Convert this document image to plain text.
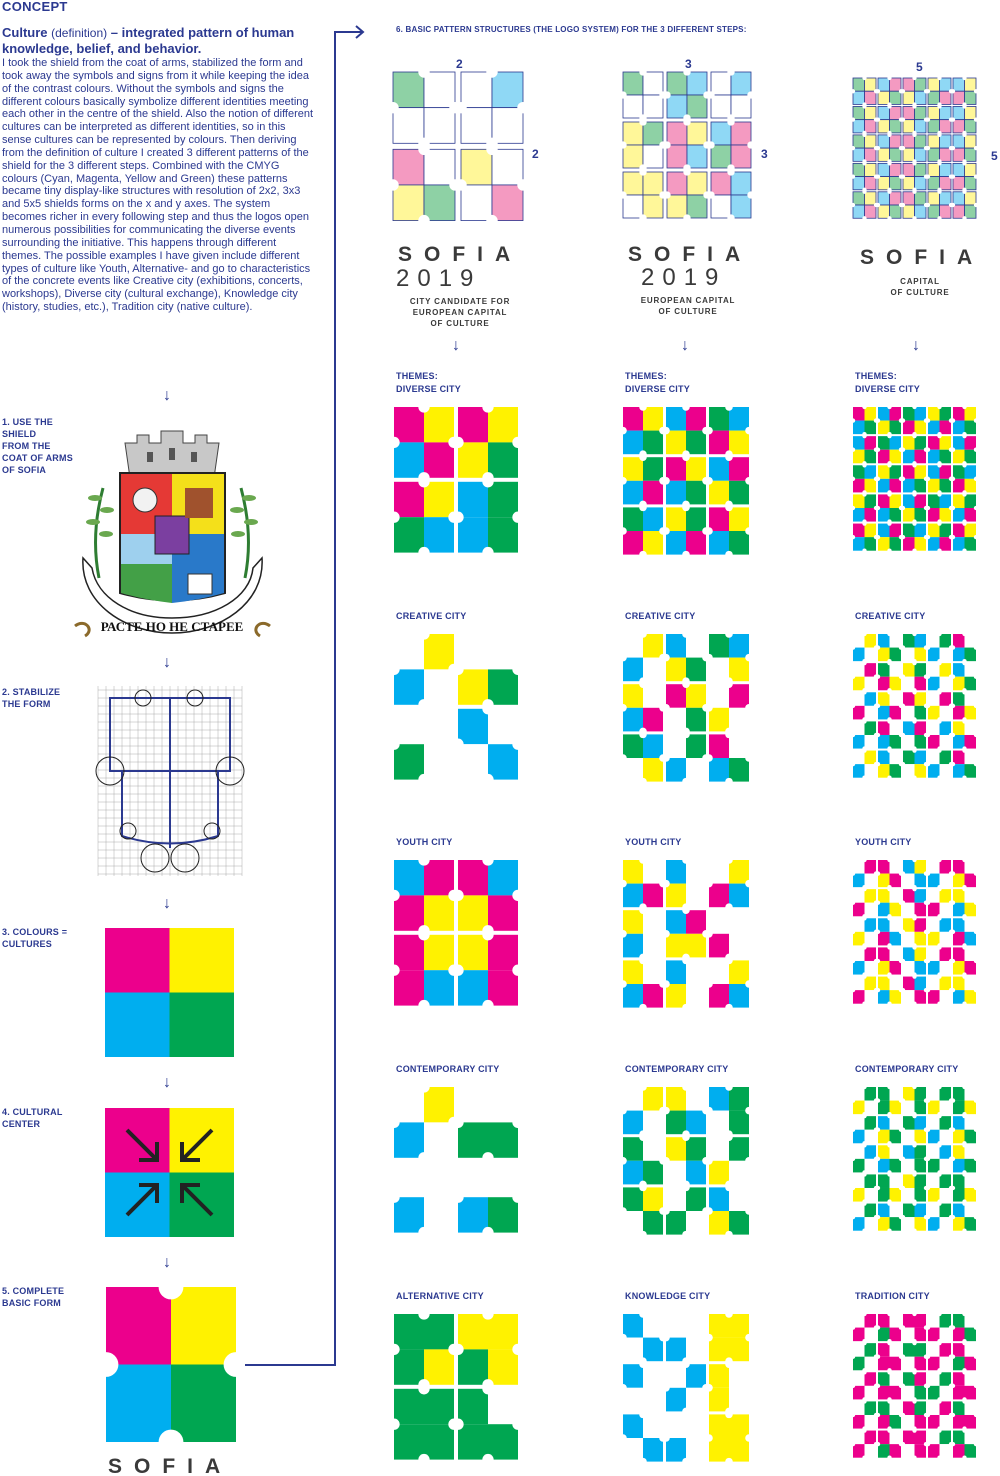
CONCEPT
Culture (definition) – integrated pattern of human knowledge, belief, and behavior.
I took the shield from the coat of arms, stabilized the form and took away the symbols and signs from it while keeping the idea of the contrast colours. Without the symbols and signs the different colours basically symbolize different identities meeting each other in the centre of the shield. Also the notion of different cultures can be interpreted as different identities, so in this sense cultures can be represented by colours. Then deriving from the definition of culture I created 3 different patterns of the shield for the 3 different steps. Combined with the CMYG colours (Cyan, Magenta, Yellow and Green) these patterns became tiny display-like structures with resolution of 2x2, 3x3 and 5x5 shields forms on the x and y axes. The system becomes richer in every following step and thus the logos open numerous possibilities for communicating the diverse events surrounding the initiative. This happens through different themes. The possible examples I have given include different types of culture like Youth, Alternative- and go to characteristics of the concrete events like Creative city (exhibitions, concerts, workshops), Diverse city (cultural exchange), Knowledge city (history, studies, etc.), Tradition city (native culture).
↓
1. USE THE SHIELD
FROM THE
COAT OF ARMS
OF SOFIA
РАСТЕ НО НЕ СТАРЕЕ
↓
2. STABILIZE
THE FORM
↓
3. COLOURS =
CULTURES
↓
4. CULTURAL
CENTER
↓
5. COMPLETE
BASIC FORM
SOFIA
6. BASIC PATTERN STRUCTURES (THE LOGO SYSTEM) FOR THE 3 DIFFERENT STEPS:
2
2
3
3
5
5
SOFIA
2019
CITY CANDIDATE FOR
EUROPEAN CAPITAL
OF CULTURE
SOFIA
2019
EUROPEAN CAPITAL
OF CULTURE
SOFIA
CAPITAL
OF CULTURE
↓	↓	↓
THEMES:	THEMES:	THEMES:
DIVERSE CITY	DIVERSE CITY	DIVERSE CITY
CREATIVE CITY	CREATIVE CITY	CREATIVE CITY
YOUTH CITY	YOUTH CITY	YOUTH CITY
CONTEMPORARY CITY	CONTEMPORARY CITY	CONTEMPORARY CITY
ALTERNATIVE CITY	KNOWLEDGE CITY	TRADITION CITY
